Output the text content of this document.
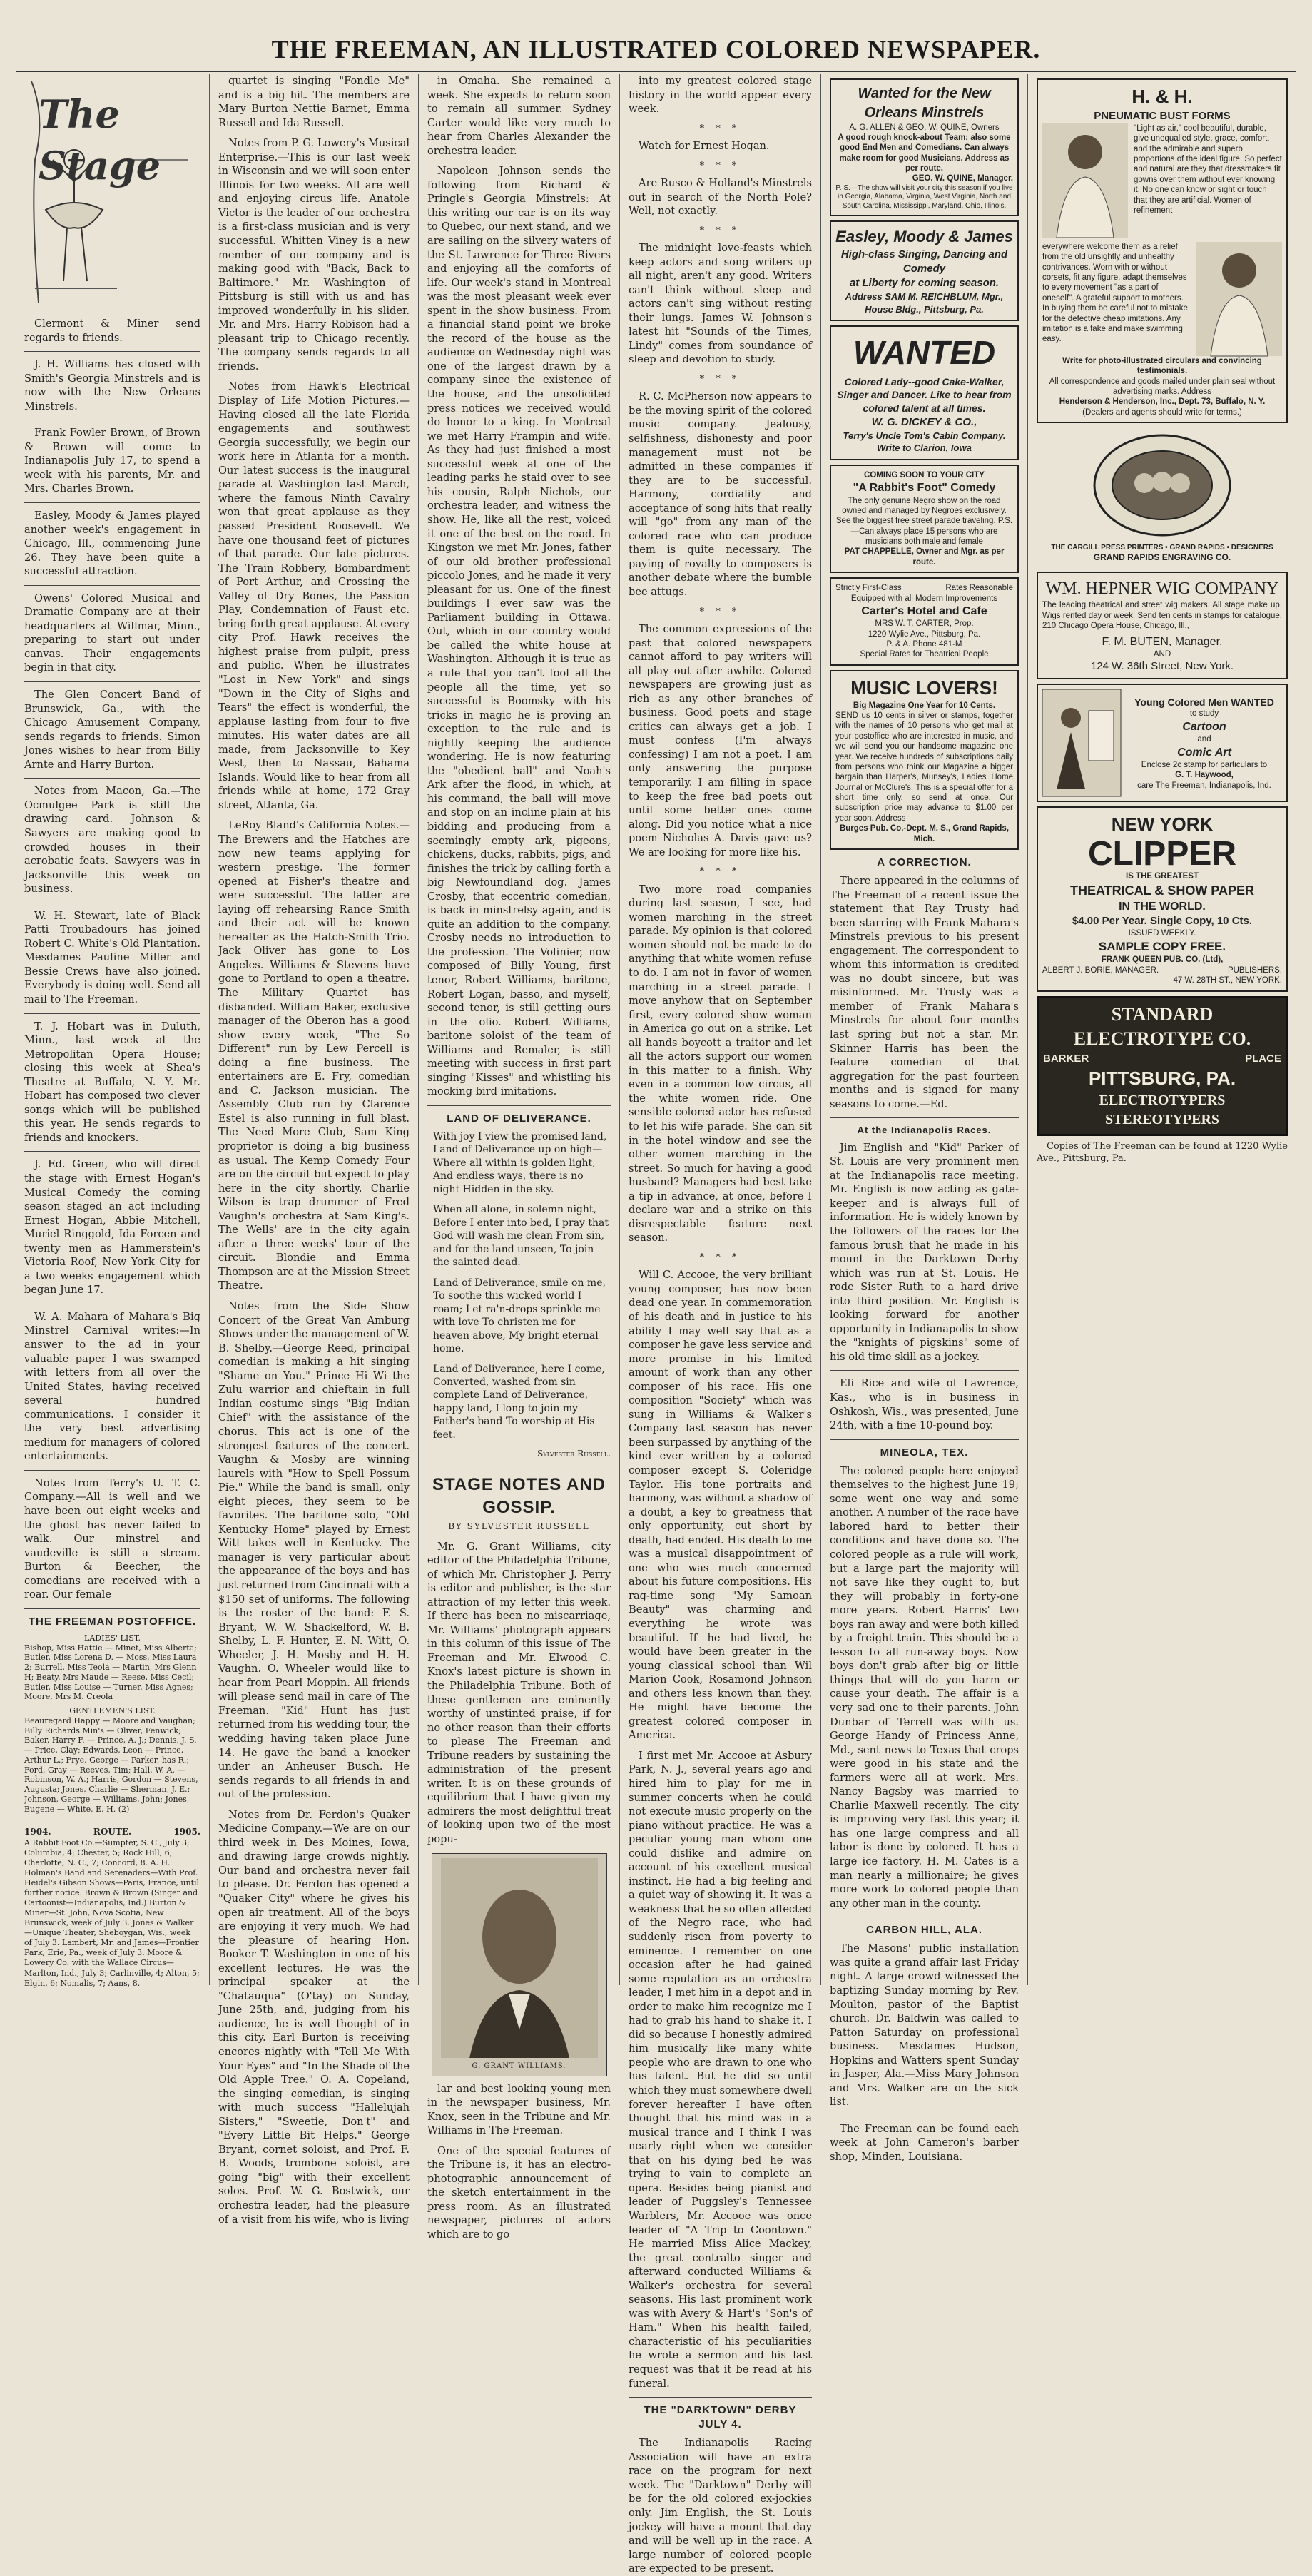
THE FREEMAN, AN ILLUSTRATED COLORED NEWSPAPER.
The Stage

Clermont & Miner send regards to friends.

J. H. Williams has closed with Smith's Georgia Minstrels and is now with the New Orleans Minstrels.

Frank Fowler Brown, of Brown & Brown will come to Indianapolis July 17, to spend a week with his parents, Mr. and Mrs. Charles Brown.

Easley, Moody & James played another week's engagement in Chicago, Ill., commencing June 26. They have been quite a successful attraction.

Owens' Colored Musical and Dramatic Company are at their headquarters at Willmar, Minn., preparing to start out under canvas. Their engagements begin in that city.

The Glen Concert Band of Brunswick, Ga., with the Chicago Amusement Company, sends regards to friends. Simon Jones wishes to hear from Billy Arnte and Harry Burton.

Notes from Macon, Ga.—The Ocmulgee Park is still the drawing card. Johnson & Sawyers are making good to crowded houses in their acrobatic feats. Sawyers was in Jacksonville this week on business.

W. H. Stewart, late of Black Patti Troubadours has joined Robert C. White's Old Plantation. Mesdames Pauline Miller and Bessie Crews have also joined. Everybody is doing well. Send all mail to The Freeman.

T. J. Hobart was in Duluth, Minn., last week at the Metropolitan Opera House; closing this week at Shea's Theatre at Buffalo, N. Y. Mr. Hobart has composed two clever songs which will be published this year. He sends regards to friends and knockers.

J. Ed. Green, who will direct the stage with Ernest Hogan's Musical Comedy the coming season staged an act including Ernest Hogan, Abbie Mitchell, Muriel Ringgold, Ida Forcen and twenty men as Hammerstein's Victoria Roof, New York City for a two weeks engagement which began June 17.

W. A. Mahara of Mahara's Big Minstrel Carnival writes:—In answer to the ad in your valuable paper I was swamped with letters from all over the United States, having received several hundred communications. I consider it the very best advertising medium for managers of colored entertainments.

Notes from Terry's U. T. C. Company.—All is well and we have been out eight weeks and the ghost has never failed to walk. Our minstrel and vaudeville is still a stream. Burton & Beecher, the comedians are received with a roar. Our female

THE FREEMAN POSTOFFICE.
LADIES' LIST.
Bishop, Miss Hattie — Minet, Miss Alberta; Butler, Miss Lorena D. — Moss, Miss Laura 2; Burrell, Miss Teola — Martin, Mrs Glenn H; Beaty, Mrs Maude — Reese, Miss Cecil; Butler, Miss Louise — Turner, Miss Agnes; Moore, Mrs M. Creola
GENTLEMEN'S LIST.
Beauregard Happy — Moore and Vaughan; Billy Richards Min's — Oliver, Fenwick; Baker, Harry F. — Prince, A. J.; Dennis, J. S. — Price, Clay; Edwards, Leon — Prince, Arthur L.; Frye, George — Parker, has R.; Ford, Gray — Reeves, Tim; Hall, W. A. — Robinson, W. A.; Harris, Gordon — Stevens, Augusta; Jones, Charlie — Sherman, J. E.; Johnson, George — Williams, John; Jones, Eugene — White, E. H. (2)
1904.	ROUTE.	1905.
A Rabbit Foot Co.—Sumpter, S. C., July 3; Columbia, 4; Chester, 5; Rock Hill, 6; Charlotte, N. C., 7; Concord, 8. A. H. Holman's Band and Serenaders—With Prof. Heidel's Gibson Shows—Paris, France, until further notice. Brown & Brown (Singer and Cartoonist—Indianapolis, Ind.) Burton & Miner—St. John, Nova Scotia, New Brunswick, week of July 3. Jones & Walker—Unique Theater, Sheboygan, Wis., week of July 3. Lambert, Mr. and James—Frontier Park, Erie, Pa., week of July 3. Moore & Lowery Co. with the Wallace Circus—Marlton, Ind., July 3; Carlinville, 4; Alton, 5; Elgin, 6; Nomalis, 7; Aans, 8.

quartet is singing "Fondle Me" and is a big hit. The members are Mary Burton Nettie Barnet, Emma Russell and Ida Russell.

Notes from P. G. Lowery's Musical Enterprise.—This is our last week in Wisconsin and we will soon enter Illinois for two weeks. All are well and enjoying circus life. Anatole Victor is the leader of our orchestra is a first-class musician and is very successful. Whitten Viney is a new member of our company and is making good with "Back, Back to Baltimore." Mr. Washington of Pittsburg is still with us and has improved wonderfully in his slider. Mr. and Mrs. Harry Robison had a pleasant trip to Chicago recently. The company sends regards to all friends.

Notes from Hawk's Electrical Display of Life Motion Pictures.—Having closed all the late Florida engagements and southwest Georgia successfully, we begin our work here in Atlanta for a month. Our latest success is the inaugural parade at Washington last March, where the famous Ninth Cavalry won that great applause as they passed President Roosevelt. We have one thousand feet of pictures of that parade. Our late pictures. The Train Robbery, Bombardment of Port Arthur, and Crossing the Valley of Dry Bones, the Passion Play, Condemnation of Faust etc. bring forth great applause. At every city Prof. Hawk receives the highest praise from pulpit, press and public. When he illustrates "Lost in New York" and sings "Down in the City of Sighs and Tears" the effect is wonderful, the applause lasting from four to five minutes. His water dates are all made, from Jacksonville to Key West, then to Nassau, Bahama Islands. Would like to hear from all friends while at home, 172 Gray street, Atlanta, Ga.

LeRoy Bland's California Notes.—The Brewers and the Hatches are now new teams applying for western prestige. The former opened at Fisher's theatre and were successful. The latter are laying off rehearsing Rance Smith and their act will be known hereafter as the Hatch-Smith Trio. Jack Oliver has gone to Los Angeles. Williams & Stevens have gone to Portland to open a theatre. The Military Quartet has disbanded. William Baker, exclusive manager of the Oberon has a good show every week, "The So Different" run by Lew Percell is doing a fine business. The entertainers are E. Fry, comedian and C. Jackson musician. The Assembly Club run by Clarence Estel is also running in full blast. The Need More Club, Sam King proprietor is doing a big business as usual. The Kemp Comedy Four are on the circuit but expect to play here in the city shortly. Charlie Wilson is trap drummer of Fred Vaughn's orchestra at Sam King's. The Wells' are in the city again after a three weeks' tour of the circuit. Blondie and Emma Thompson are at the Mission Street Theatre.

Notes from the Side Show Concert of the Great Van Amburg Shows under the management of W. B. Shelby.—George Reed, principal comedian is making a hit singing "Shame on You." Prince Hi Wi the Zulu warrior and chieftain in full Indian costume sings "Big Indian Chief" with the assistance of the chorus. This act is one of the strongest features of the concert. Vaughn & Mosby are winning laurels with "How to Spell Possum Pie." While the band is small, only eight pieces, they seem to be favorites. The baritone solo, "Old Kentucky Home" played by Ernest Witt takes well in Kentucky. The manager is very particular about the appearance of the boys and has just returned from Cincinnati with a $150 set of uniforms. The following is the roster of the band: F. S. Bryant, W. W. Shackelford, W. B. Shelby, L. F. Hunter, E. N. Witt, O. Wheeler, J. H. Mosby and H. H. Vaughn. O. Wheeler would like to hear from Pearl Moppin. All friends will please send mail in care of The Freeman. "Kid" Hunt has just returned from his wedding tour, the wedding having taken place June 14. He gave the band a knocker under an Anheuser Busch. He sends regards to all friends in and out of the profession.

Notes from Dr. Ferdon's Quaker Medicine Company.—We are on our third week in Des Moines, Iowa, and drawing large crowds nightly. Our band and orchestra never fail to please. Dr. Ferdon has opened a "Quaker City" where he gives his open air treatment. All of the boys are enjoying it very much. We had the pleasure of hearing Hon. Booker T. Washington in one of his excellent lectures. He was the principal speaker at the "Chatauqua" (O'tay) on Sunday, June 25th, and, judging from his audience, he is well thought of in this city. Earl Burton is receiving encores nightly with "Tell Me With Your Eyes" and "In the Shade of the Old Apple Tree." O. A. Copeland, the singing comedian, is singing with much success "Hallelujah Sisters," "Sweetie, Don't" and "Every Little Bit Helps." George Bryant, cornet soloist, and Prof. F. B. Woods, trombone soloist, are going "big" with their excellent solos. Prof. W. G. Bostwick, our orchestra leader, had the pleasure of a visit from his wife, who is living

in Omaha. She remained a week. She expects to return soon to remain all summer. Sydney Carter would like very much to hear from Charles Alexander the orchestra leader.

Napoleon Johnson sends the following from Richard & Pringle's Georgia Minstrels: At this writing our car is on its way to Quebec, our next stand, and we are sailing on the silvery waters of the St. Lawrence for Three Rivers and enjoying all the comforts of life. Our week's stand in Montreal was the most pleasant week ever spent in the show business. From a financial stand point we broke the record of the house as the audience on Wednesday night was one of the largest drawn by a company since the existence of the house, and the unsolicited press notices we received would do honor to a king. In Montreal we met Harry Frampin and wife. As they had just finished a most successful week at one of the leading parks he staid over to see his cousin, Ralph Nichols, our orchestra leader, and witness the show. He, like all the rest, voiced it one of the best on the road. In Kingston we met Mr. Jones, father of our old brother professional piccolo Jones, and he made it very pleasant for us. One of the finest buildings I ever saw was the Parliament building in Ottawa. Out, which in our country would be called the white house at Washington. Although it is true as a rule that you can't fool all the people all the time, yet so successful is Boomsky with his tricks in magic he is proving an exception to the rule and is nightly keeping the audience wondering. He is now featuring the "obedient ball" and Noah's Ark after the flood, in which, at his command, the ball will move and stop on an incline plain at his bidding and producing from a seemingly empty ark, pigeons, chickens, ducks, rabbits, pigs, and finishes the trick by calling forth a big Newfoundland dog. James Crosby, that eccentric comedian, is back in minstrelsy again, and is quite an addition to the company. Crosby needs no introduction to the profession. The Volinier, now composed of Billy Young, first tenor, Robert Williams, baritone, Robert Logan, basso, and myself, second tenor, is still getting ours in the olio. Robert Williams, baritone soloist of the team of Williams and Remaler, is still meeting with success in first part singing "Kisses" and whistling his mocking bird imitations.

LAND OF DELIVERANCE.
With joy I view the promised land, Land of Deliverance up on high— Where all within is golden light, And endless ways, there is no night Hidden in the sky.
When all alone, in solemn night, Before I enter into bed, I pray that God will wash me clean From sin, and for the land unseen, To join the sainted dead.
Land of Deliverance, smile on me, To soothe this wicked world I roam; Let ra'n-drops sprinkle me with love To christen me for heaven above, My bright eternal home.
Land of Deliverance, here I come, Converted, washed from sin complete Land of Deliverance, happy land, I long to join my Father's band To worship at His feet.
—Sylvester Russell.
STAGE NOTES AND GOSSIP.
BY SYLVESTER RUSSELL

Mr. G. Grant Williams, city editor of the Philadelphia Tribune, of which Mr. Christopher J. Perry is editor and publisher, is the star attraction of my letter this week. If there has been no miscarriage, Mr. Williams' photograph appears in this column of this issue of The Freeman and Mr. Elwood C. Knox's latest picture is shown in the Philadelphia Tribune. Both of these gentlemen are eminently worthy of unstinted praise, if for no other reason than their efforts to please The Freeman and Tribune readers by sustaining the administration of the present writer. It is on these grounds of equilibrium that I have given my admirers the most delightful treat of looking upon two of the most popu-

G. GRANT WILLIAMS.

lar and best looking young men in the newspaper business, Mr. Knox, seen in the Tribune and Mr. Williams in The Freeman.

One of the special features of the Tribune is, it has an electro-photographic announcement of the sketch entertainment in the press room. As an illustrated newspaper, pictures of actors which are to go

into my greatest colored stage history in the world appear every week.

* * *

Watch for Ernest Hogan.

* * *

Are Rusco & Holland's Minstrels out in search of the North Pole? Well, not exactly.

* * *

The midnight love-feasts which keep actors and song writers up all night, aren't any good. Writers can't think without sleep and actors can't sing without resting their lungs. James W. Johnson's latest hit "Sounds of the Times, Lindy" comes from soundance of sleep and devotion to study.

* * *

R. C. McPherson now appears to be the moving spirit of the colored music company. Jealousy, selfishness, dishonesty and poor management must not be admitted in these companies if they are to be successful. Harmony, cordiality and acceptance of song hits that really will "go" from any man of the colored race who can produce them is quite necessary. The paying of royalty to composers is another debate where the bumble bee attugs.

* * *

The common expressions of the past that colored newspapers cannot afford to pay writers will all play out after awhile. Colored newspapers are growing just as rich as any other branches of business. Good poets and stage critics can always get a job. I must confess (I'm always confessing) I am not a poet. I am only answering the purpose temporarily. I am filling in space to keep the free bad poets out until some better ones come along. Did you notice what a nice poem Nicholas A. Davis gave us? We are looking for more like his.

* * *

Two more road companies during last season, I see, had women marching in the street parade. My opinion is that colored women should not be made to do anything that white women refuse to do. I am not in favor of women marching in a street parade. I move anyhow that on September first, every colored show woman in America go out on a strike. Let all hands boycott a traitor and let all the actors support our women in this matter to a finish. Why even in a common low circus, all the white women ride. One sensible colored actor has refused to let his wife parade. She can sit in the hotel window and see the other women marching in the street. So much for having a good husband? Managers had best take a tip in advance, at once, before I declare war and a strike on this disrespectable feature next season.

* * *

Will C. Accooe, the very brilliant young composer, has now been dead one year. In commemoration of his death and in justice to his ability I may well say that as a composer he gave less service and more promise in his limited amount of work than any other composer of his race. His one composition "Society" which was sung in Williams & Walker's Company last season has never been surpassed by anything of the kind ever written by a colored composer except S. Coleridge Taylor. His tone portraits and harmony, was without a shadow of a doubt, a key to greatness that only opportunity, cut short by death, had ended. His death to me was a musical disappointment of one who was much concerned about his future compositions. His rag-time song "My Samoan Beauty" was charming and everything he wrote was beautiful. If he had lived, he would have been greater in the young classical school than Wil Marion Cook, Rosamond Johnson and others less known than they. He might have become the greatest colored composer in America.

I first met Mr. Accooe at Asbury Park, N. J., several years ago and hired him to play for me in summer concerts when he could not execute music properly on the piano without practice. He was a peculiar young man whom one could dislike and admire on account of his excellent musical instinct. He had a big feeling and a quiet way of showing it. It was a weakness that he so often affected of the Negro race, who had suddenly risen from poverty to eminence. I remember on one occasion after he had gained some reputation as an orchestra leader, I met him in a depot and in order to make him recognize me I had to grab his hand to shake it. I did so because I honestly admired him musically like many white people who are drawn to one who has talent. But he did so until which they must somewhere dwell forever hereafter I have often thought that his mind was in a musical trance and I think I was nearly right when we consider that on his dying bed he was trying to vain to complete an opera. Besides being pianist and leader of Puggsley's Tennessee Warblers, Mr. Accooe was once leader of "A Trip to Coontown." He married Miss Alice Mackey, the great contralto singer and afterward conducted Williams & Walker's orchestra for several seasons. His last prominent work was with Avery & Hart's "Son's of Ham." When his health failed, characteristic of his peculiarities he wrote a sermon and his last request was that it be read at his funeral.

THE "DARKTOWN" DERBY JULY 4.

The Indianapolis Racing Association will have an extra race on the program for next week. The "Darktown" Derby will be for the old colored ex-jockies only. Jim English, the St. Louis jockey will have a mount that day and will be well up in the race. A large number of colored people are expected to be present.

Wanted for the New Orleans Minstrels
A. G. ALLEN & GEO. W. QUINE, Owners
A good rough knock-about Team; also some good End Men and Comedians. Can always make room for good Musicians. Address as per route.
GEO. W. QUINE, Manager.
P. S.—The show will visit your city this season if you live in Georgia, Alabama, Virginia, West Virginia, North and South Carolina, Mississippi, Maryland, Ohio, Illinois.
Easley, Moody & James
High-class Singing, Dancing and Comedy
at Liberty for coming season.
Address SAM M. REICHBLUM, Mgr.,
House Bldg., Pittsburg, Pa.
WANTED
Colored Lady--good Cake-Walker, Singer and Dancer. Like to hear from colored talent at all times.
W. G. DICKEY & CO.,
Terry's Uncle Tom's Cabin Company.
Write to Clarion, Iowa
COMING SOON TO YOUR CITY
"A Rabbit's Foot" Comedy
The only genuine Negro show on the road owned and managed by Negroes exclusively. See the biggest free street parade traveling. P.S.—Can always place 15 persons who are musicians both male and female
PAT CHAPPELLE, Owner and Mgr. as per route.
Strictly First-Class	Rates Reasonable
Equipped with all Modern Improvements
Carter's Hotel and Cafe
MRS W. T. CARTER, Prop.
1220 Wylie Ave., Pittsburg, Pa.
P. & A. Phone 481-M
Special Rates for Theatrical People
MUSIC LOVERS!
Big Magazine One Year for 10 Cents.
SEND us 10 cents in silver or stamps, together with the names of 10 persons who get mail at your postoffice who are interested in music, and we will send you our handsome magazine one year. We receive hundreds of subscriptions daily from persons who think our Magazine a bigger bargain than Harper's, Munsey's, Ladies' Home Journal or McClure's. This is a special offer for a short time only, so send at once. Our subscription price may advance to $1.00 per year soon. Address
Burges Pub. Co.-Dept. M. S., Grand Rapids, Mich.
A CORRECTION.

There appeared in the columns of The Freeman of a recent issue the statement that Ray Trusty had been starring with Frank Mahara's Minstrels previous to his present engagement. The correspondent to whom this information is credited was no doubt sincere, but was misinformed. Mr. Trusty was a member of Frank Mahara's Minstrels for about four months last spring but not a star. Mr. Skinner Harris has been the feature comedian of that aggregation for the past fourteen months and is signed for many seasons to come.—Ed.

At the Indianapolis Races.

Jim English and "Kid" Parker of St. Louis are very prominent men at the Indianapolis race meeting. Mr. English is now acting as gate-keeper and is always full of information. He is widely known by the followers of the races for the famous brush that he made in his mount in the Darktown Derby which was run at St. Louis. He rode Sister Ruth to a hard drive into third position. Mr. English is looking forward for another opportunity in Indianapolis to show the "knights of pigskins" some of his old time skill as a jockey.

Eli Rice and wife of Lawrence, Kas., who is in business in Oshkosh, Wis., was presented, June 24th, with a fine 10-pound boy.

MINEOLA, TEX.

The colored people here enjoyed themselves to the highest June 19; some went one way and some another. A number of the race have labored hard to better their conditions and have done so. The colored people as a rule will work, but a large part the majority will not save like they ought to, but they will probably in forty-one more years. Robert Harris' two boys ran away and were both killed by a freight train. This should be a lesson to all run-away boys. Now boys don't grab after big or little things that will do you harm or cause your death. The affair is a very sad one to their parents. John Dunbar of Terrell was with us. George Handy of Princess Anne, Md., sent news to Texas that crops were good in his state and the farmers were all at work. Mrs. Nancy Bagsby was married to Charlie Maxwell recently. The city is improving very fast this year; it has one large compress and all labor is done by colored. It has a large ice factory. H. M. Cates is a man nearly a millionaire; he gives more work to colored people than any other man in the county.

CARBON HILL, ALA.

The Masons' public installation was quite a grand affair last Friday night. A large crowd witnessed the baptizing Sunday morning by Rev. Moulton, pastor of the Baptist church. Dr. Baldwin was called to Patton Saturday on professional business. Mesdames Hudson, Hopkins and Watters spent Sunday in Jasper, Ala.—Miss Mary Johnson and Mrs. Walker are on the sick list.

The Freeman can be found each week at John Cameron's barber shop, Minden, Louisiana.

H. & H.
PNEUMATIC BUST FORMS
"Light as air," cool beautiful, durable, give unequalled style, grace, comfort, and the admirable and superb proportions of the ideal figure. So perfect and natural are they that dressmakers fit gowns over them without ever knowing it. No one can know or sight or touch that they are artificial. Women of refinement
everywhere welcome them as a relief from the old unsightly and unhealthy contrivances. Worn with or without corsets, fit any figure, adapt themselves to every movement "as a part of oneself". A grateful support to mothers. In buying them be careful not to mistake for the defective cheap imitations. Any imitation is a fake and make swimming easy.
Write for photo-illustrated circulars and convincing testimonials.
All correspondence and goods mailed under plain seal without advertising marks. Address
Henderson & Henderson, Inc., Dept. 73, Buffalo, N. Y.
(Dealers and agents should write for terms.)
THE CARGILL PRESS PRINTERS • GRAND RAPIDS • DESIGNERS
GRAND RAPIDS ENGRAVING CO.
WM. HEPNER WIG COMPANY
The leading theatrical and street wig makers. All stage make up. Wigs rented day or week. Send ten cents in stamps for catalogue. 210 Chicago Opera House, Chicago, Ill.,
F. M. BUTEN, Manager,
AND
124 W. 36th Street, New York.
Young Colored Men WANTED
to study
Cartoon
and
Comic Art
Enclose 2c stamp for particulars to
G. T. Haywood,
care The Freeman, Indianapolis, Ind.
NEW YORK
CLIPPER
IS THE GREATEST
THEATRICAL & SHOW PAPER
IN THE WORLD.
$4.00 Per Year. Single Copy, 10 Cts.
ISSUED WEEKLY.
SAMPLE COPY FREE.
FRANK QUEEN PUB. CO. (Ltd),
ALBERT J. BORIE, MANAGER.	PUBLISHERS,
47 W. 28TH ST., NEW YORK.
STANDARD ELECTROTYPE CO.
BARKER	PLACE
PITTSBURG, PA.
ELECTROTYPERS STEREOTYPERS

Copies of The Freeman can be found at 1220 Wylie Ave., Pittsburg, Pa.
